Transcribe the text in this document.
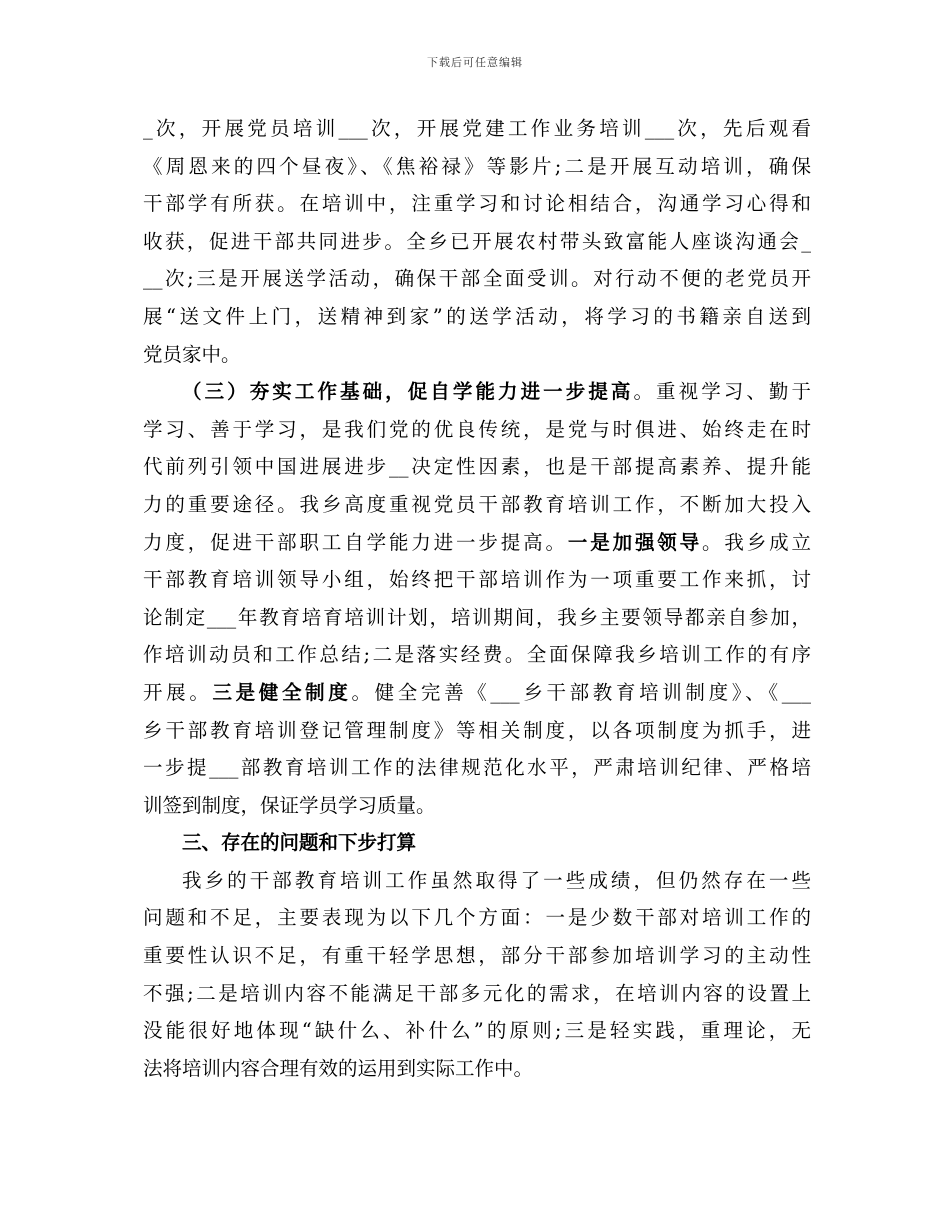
下载后可任意编辑
_次，开展党员培训___次，开展党建工作业务培训___次，先后观看
《周恩来的四个昼夜》、《焦裕禄》等影片;二是开展互动培训，确保
干部学有所获。在培训中，注重学习和讨论相结合，沟通学习心得和
收获，促进干部共同进步。全乡已开展农村带头致富能人座谈沟通会_
__次;三是开展送学活动，确保干部全面受训。对行动不便的老党员开
展“送文件上门，送精神到家”的送学活动，将学习的书籍亲自送到
党员家中。
（三）夯实工作基础，促自学能力进一步提高。重视学习、勤于
学习、善于学习，是我们党的优良传统，是党与时俱进、始终走在时
代前列引领中国进展进步__决定性因素，也是干部提高素养、提升能
力的重要途径。我乡高度重视党员干部教育培训工作，不断加大投入
力度，促进干部职工自学能力进一步提高。一是加强领导。我乡成立
干部教育培训领导小组，始终把干部培训作为一项重要工作来抓，讨
论制定___年教育培育培训计划，培训期间，我乡主要领导都亲自参加，
作培训动员和工作总结;二是落实经费。全面保障我乡培训工作的有序
开展。三是健全制度。健全完善《___乡干部教育培训制度》、《___
乡干部教育培训登记管理制度》等相关制度，以各项制度为抓手，进
一步提___部教育培训工作的法律规范化水平，严肃培训纪律、严格培
训签到制度，保证学员学习质量。
三、存在的问题和下步打算
我乡的干部教育培训工作虽然取得了一些成绩，但仍然存在一些
问题和不足，主要表现为以下几个方面：一是少数干部对培训工作的
重要性认识不足，有重干轻学思想，部分干部参加培训学习的主动性
不强;二是培训内容不能满足干部多元化的需求，在培训内容的设置上
没能很好地体现“缺什么、补什么”的原则;三是轻实践，重理论，无
法将培训内容合理有效的运用到实际工作中。
